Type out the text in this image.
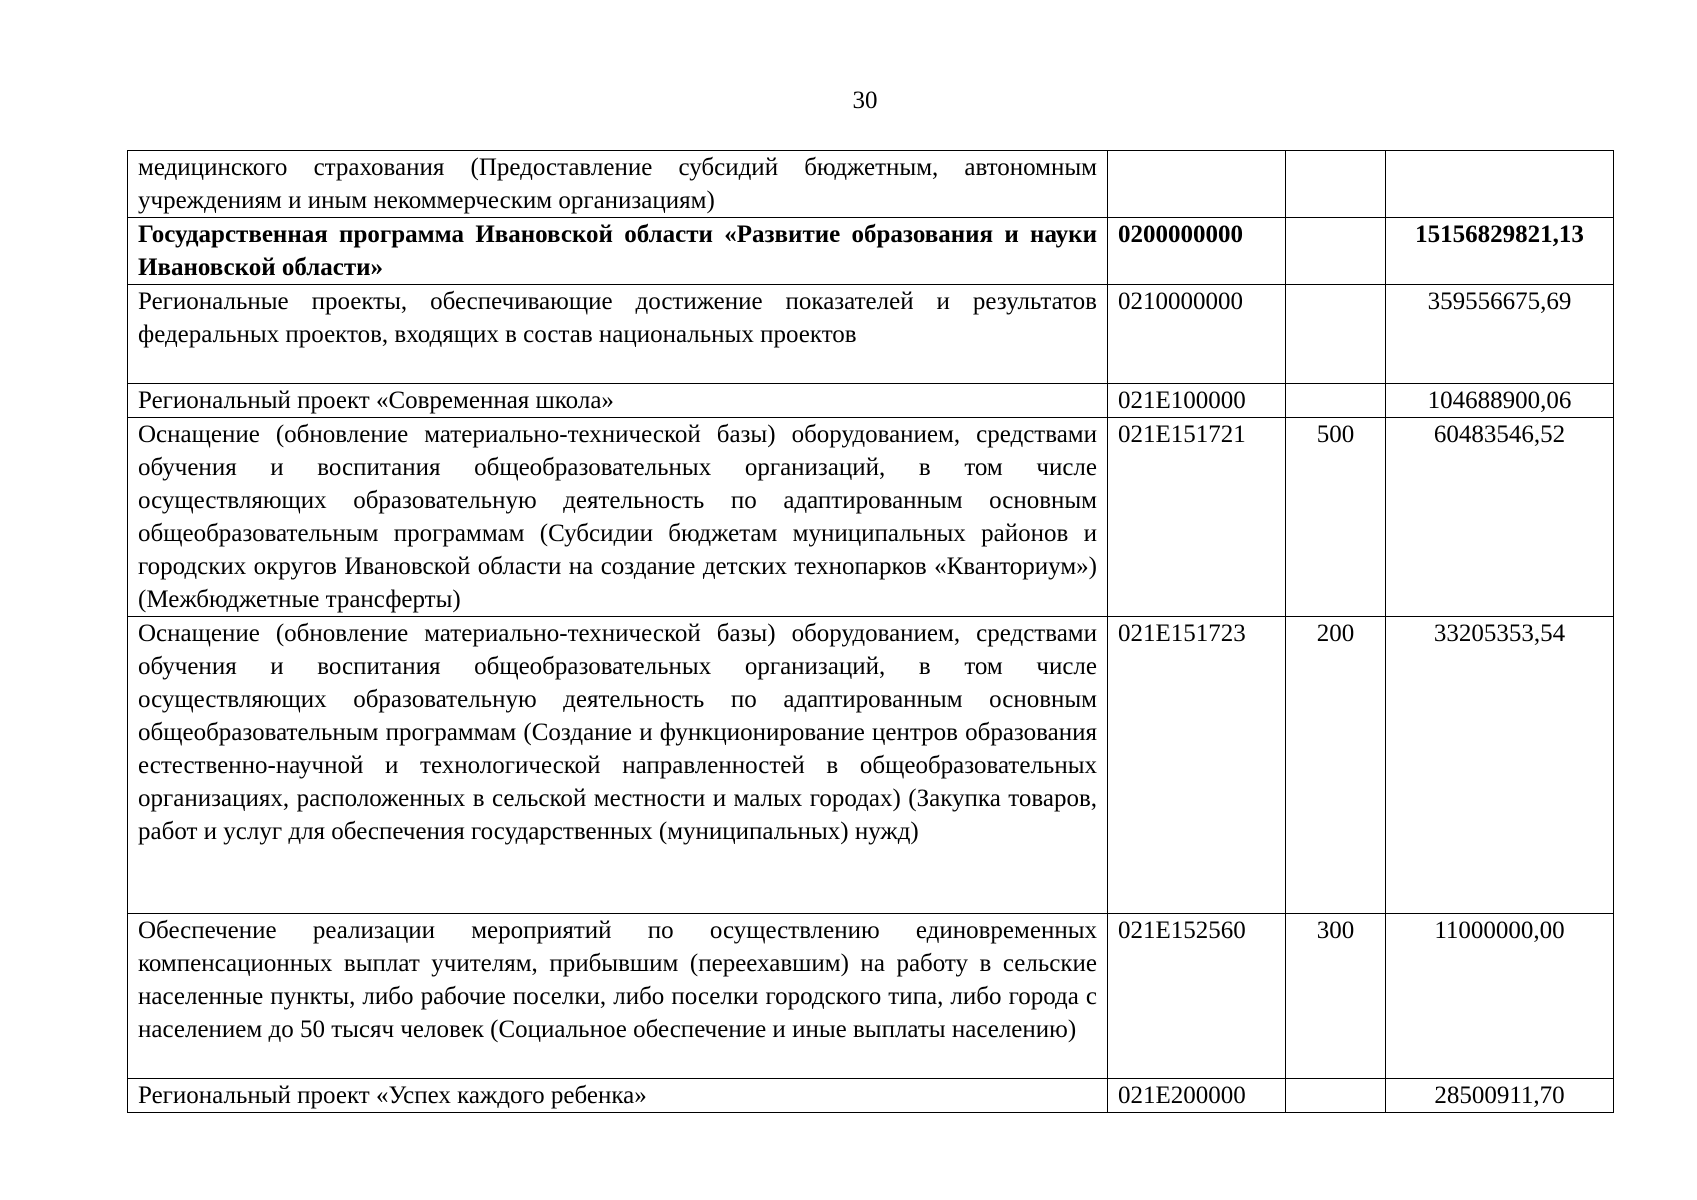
30
медицинского страхования (Предоставление субсидий бюджетным, автономным учреждениям и иным некоммерческим организациям)			
Государственная программа Ивановской области «Развитие образования и науки Ивановской области»	0200000000		15156829821,13
Региональные проекты, обеспечивающие достижение показателей и результатов федеральных проектов, входящих в состав национальных проектов	0210000000		359556675,69
Региональный проект «Современная школа»	021E100000		104688900,06
Оснащение (обновление материально-технической базы) оборудованием, средствами обучения и воспитания общеобразовательных организаций, в том числе осуществляющих образовательную деятельность по адаптированным основным общеобразовательным программам (Субсидии бюджетам муниципальных районов и городских округов Ивановской области на создание детских технопарков «Кванториум») (Межбюджетные трансферты)	021E151721	500	60483546,52
Оснащение (обновление материально-технической базы) оборудованием, средствами обучения и воспитания общеобразовательных организаций, в том числе осуществляющих образовательную деятельность по адаптированным основным общеобразовательным программам (Создание и функционирование центров образования естественно-научной и технологической направленностей в общеобразовательных организациях, расположенных в сельской местности и малых городах) (Закупка товаров, работ и услуг для обеспечения государственных (муниципальных) нужд)	021E151723	200	33205353,54
Обеспечение реализации мероприятий по осуществлению единовременных компенсационных выплат учителям, прибывшим (переехавшим) на работу в сельские населенные пункты, либо рабочие поселки, либо поселки городского типа, либо города с населением до 50 тысяч человек (Социальное обеспечение и иные выплаты населению)	021E152560	300	11000000,00
Региональный проект «Успех каждого ребенка»	021E200000		28500911,70
